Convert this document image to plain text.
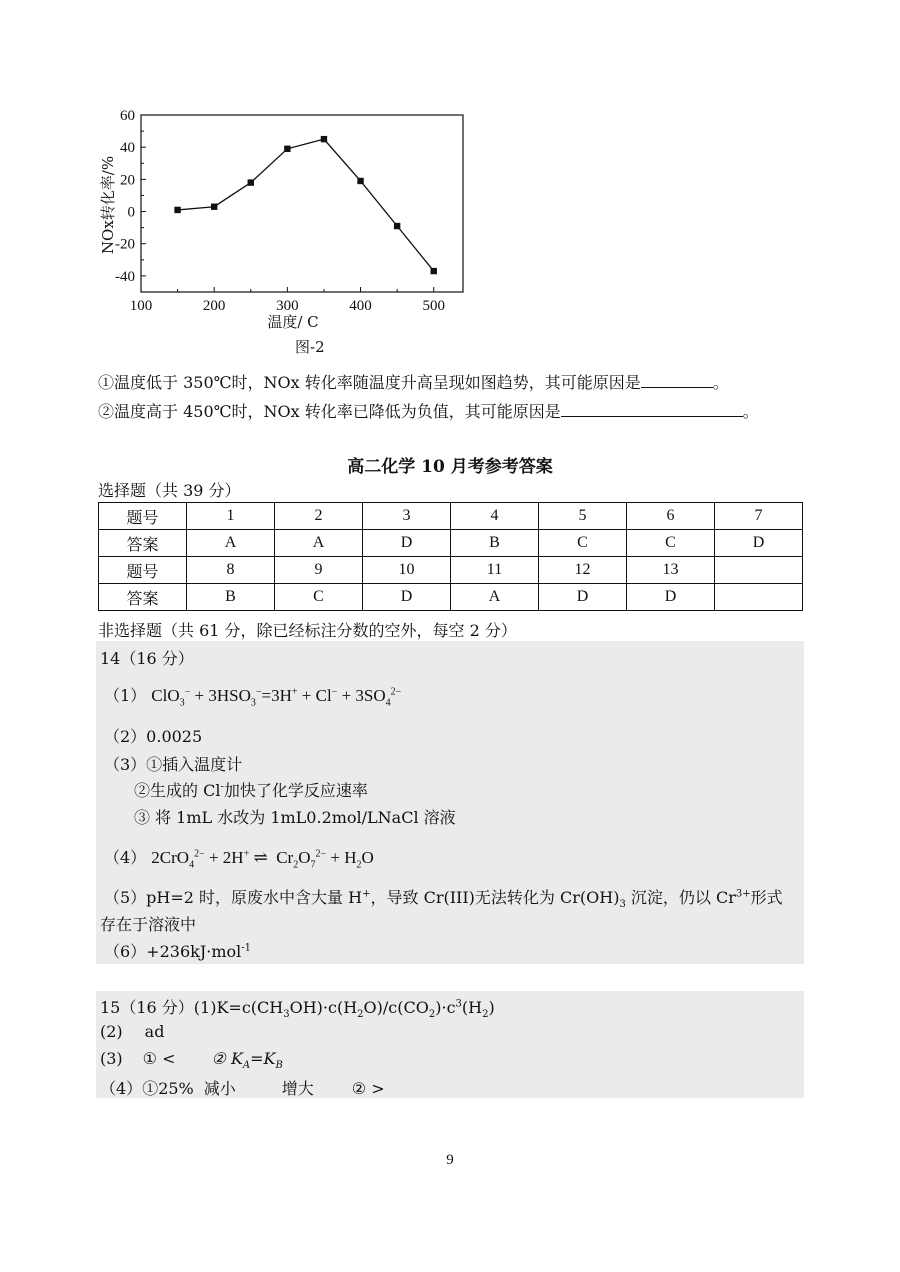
100	200	300	400	500
60
40
20
0
-20
-40
温度/ C
NOx转化率/%
图-2
①温度低于 350℃时，NOx 转化率随温度升高呈现如图趋势，其可能原因是	。
②温度高于 450℃时，NOx 转化率已降低为负值，其可能原因是	。
高二化学 10 月考参考答案
选择题（共 39 分）
题号	1	2	3	4	5	6	7
答案	A	A	D	B	C	C	D
题号	8	9	10	11	12	13	
答案	B	C	D	A	D	D	
非选择题（共 61 分，除已经标注分数的空外，每空 2 分）
14（16 分）
（1） $ClO_3^- + 3HSO_3^-=3H^+ + Cl^- + 3SO_4^{2-}$
（2）0.0025
（3）①插入温度计
②生成的 Cl-加快了化学反应速率
③ 将 1mL 水改为 1mL0.2mol/LNaCl 溶液
（4） 2CrO$_4^{2-}$ + 2H+ ⇌ $Cr_2O_7^{2-} + H_2O$
（5）pH=2 时，原废水中含大量 H+，导致 Cr(III)无法转化为 $Cr(OH)_3$ 沉淀，仍以 $Cr^{3+}$形式
存在于溶液中
（6）+236kJ·mol$^{-1}$
15（16 分）$(1)K=c(CH_3OH)\cdot c(H_2O)/c(CO_2)\cdot c^3(H_2)$
(2) ad
(3) ① < ② $K_A=K_B$
（4）①25% 减小	增大 ② >
9
